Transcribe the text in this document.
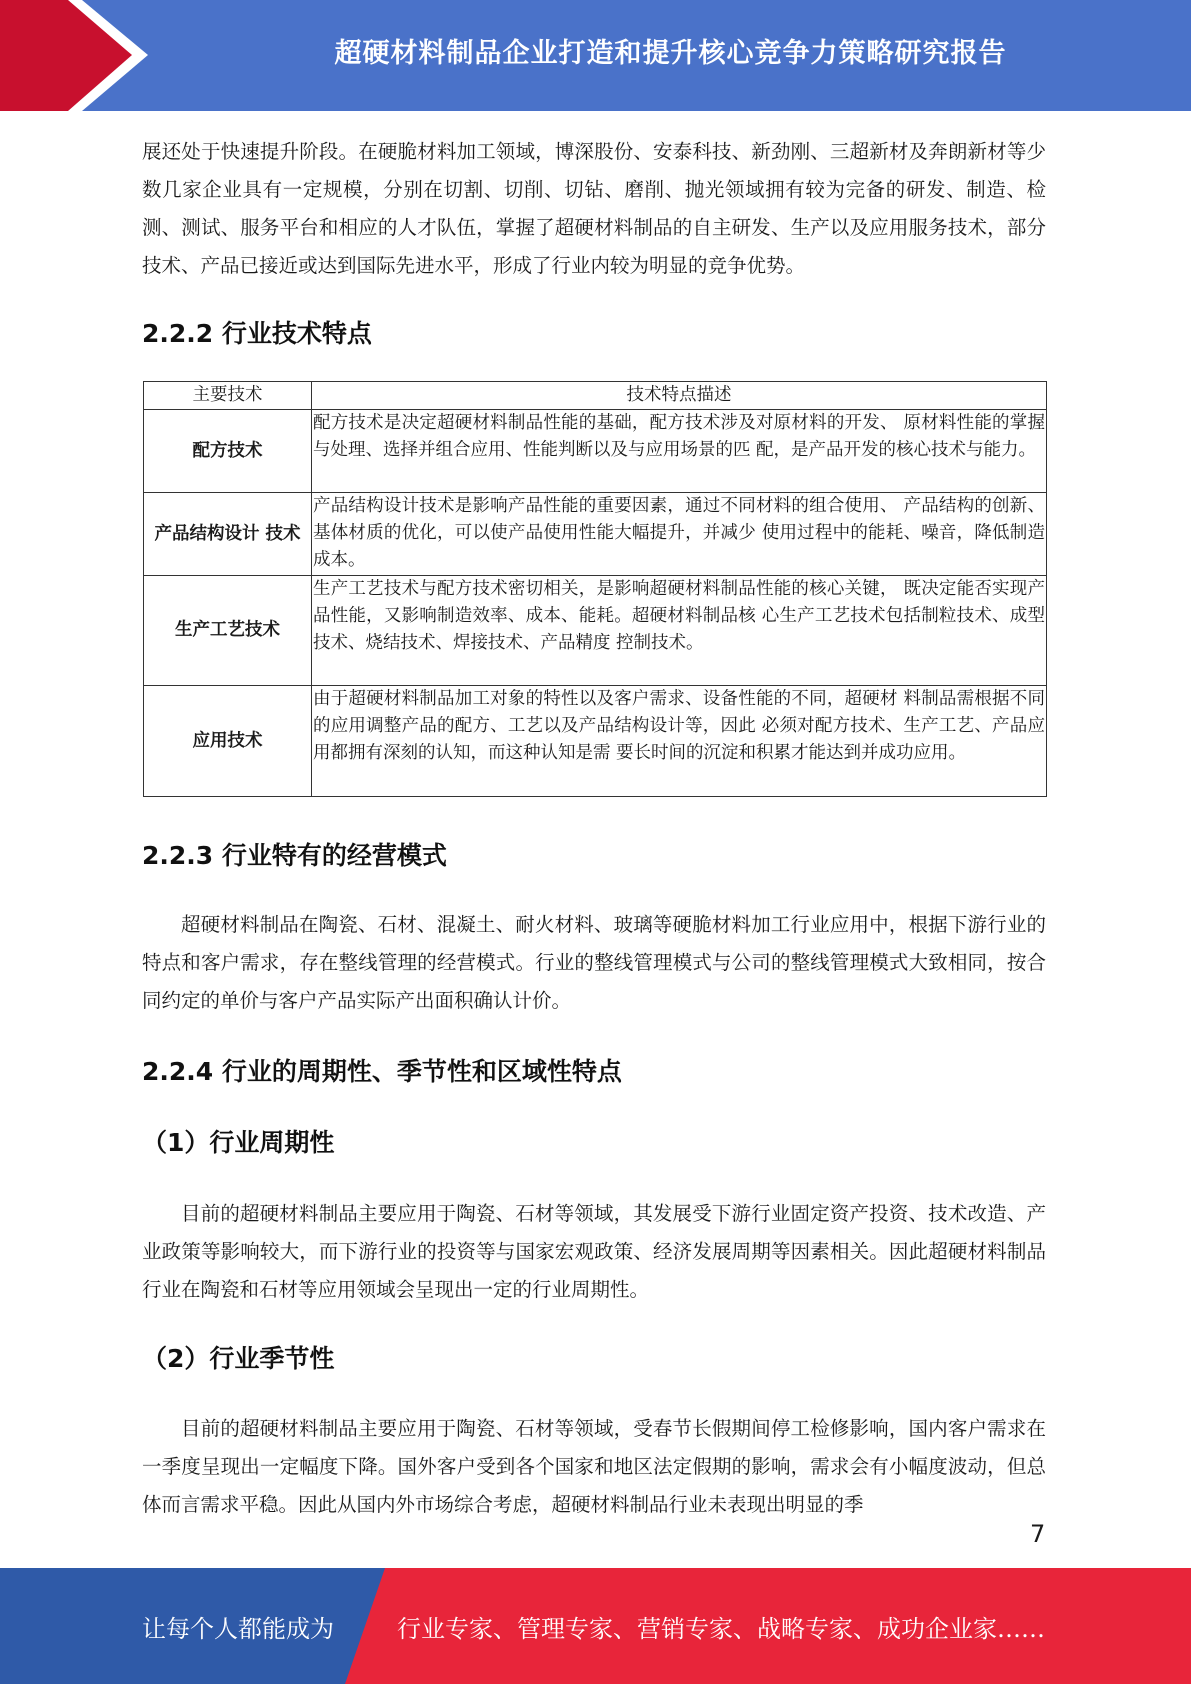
超硬材料制品企业打造和提升核心竞争力策略研究报告
展还处于快速提升阶段。在硬脆材料加工领域，博深股份、安泰科技、新劲刚、三超新材及奔朗新材等少数几家企业具有一定规模，分别在切割、切削、切钻、磨削、抛光领域拥有较为完备的研发、制造、检测、测试、服务平台和相应的人才队伍，掌握了超硬材料制品的自主研发、生产以及应用服务技术，部分技术、产品已接近或达到国际先进水平，形成了行业内较为明显的竞争优势。
2.2.2 行业技术特点
主要技术	技术特点描述
配方技术	配方技术是决定超硬材料制品性能的基础，配方技术涉及对原材料的开发、 原材料性能的掌握与处理、选择并组合应用、性能判断以及与应用场景的匹 配，是产品开发的核心技术与能力。
产品结构设计 技术	产品结构设计技术是影响产品性能的重要因素，通过不同材料的组合使用、 产品结构的创新、基体材质的优化，可以使产品使用性能大幅提升，并减少 使用过程中的能耗、噪音，降低制造成本。
生产工艺技术	生产工艺技术与配方技术密切相关，是影响超硬材料制品性能的核心关键， 既决定能否实现产品性能，又影响制造效率、成本、能耗。超硬材料制品核 心生产工艺技术包括制粒技术、成型技术、烧结技术、焊接技术、产品精度 控制技术。
应用技术	由于超硬材料制品加工对象的特性以及客户需求、设备性能的不同，超硬材 料制品需根据不同的应用调整产品的配方、工艺以及产品结构设计等，因此 必须对配方技术、生产工艺、产品应用都拥有深刻的认知，而这种认知是需 要长时间的沉淀和积累才能达到并成功应用。
2.2.3 行业特有的经营模式
超硬材料制品在陶瓷、石材、混凝土、耐火材料、玻璃等硬脆材料加工行业应用中，根据下游行业的特点和客户需求，存在整线管理的经营模式。行业的整线管理模式与公司的整线管理模式大致相同，按合同约定的单价与客户产品实际产出面积确认计价。
2.2.4 行业的周期性、季节性和区域性特点
（1）行业周期性
目前的超硬材料制品主要应用于陶瓷、石材等领域，其发展受下游行业固定资产投资、技术改造、产业政策等影响较大，而下游行业的投资等与国家宏观政策、经济发展周期等因素相关。因此超硬材料制品行业在陶瓷和石材等应用领域会呈现出一定的行业周期性。
（2）行业季节性
目前的超硬材料制品主要应用于陶瓷、石材等领域，受春节长假期间停工检修影响，国内客户需求在一季度呈现出一定幅度下降。国外客户受到各个国家和地区法定假期的影响，需求会有小幅度波动，但总体而言需求平稳。因此从国内外市场综合考虑，超硬材料制品行业未表现出明显的季
7
让每个人都能成为	行业专家、管理专家、营销专家、战略专家、成功企业家……
